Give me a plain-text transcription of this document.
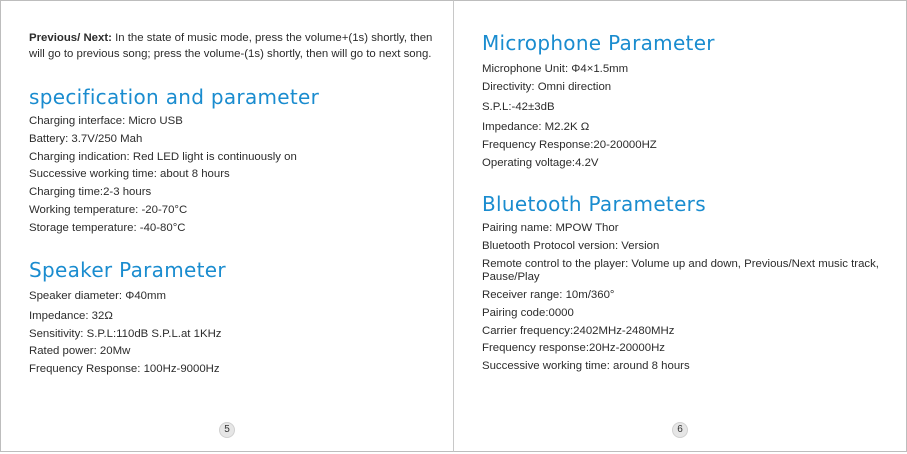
Previous/ Next: In the state of music mode, press the volume+(1s) shortly, then will go to previous song; press the volume-(1s) shortly, then will go to next song.

specification and parameter
Charging interface: Micro USB
Battery: 3.7V/250 Mah
Charging indication: Red LED light is continuously on
Successive working time: about 8 hours
Charging time:2-3 hours
Working temperature: -20-70°C
Storage temperature: -40-80°C
Speaker Parameter
Speaker diameter: Φ40mm
Impedance: 32Ω
Sensitivity: S.P.L:110dB S.P.L.at 1KHz
Rated power: 20Mw
Frequency Response: 100Hz-9000Hz
5
Microphone Parameter
Microphone Unit: Φ4×1.5mm
Directivity: Omni direction
S.P.L:-42±3dB
Impedance: M2.2K Ω
Frequency Response:20-20000HZ
Operating voltage:4.2V
Bluetooth Parameters
Pairing name: MPOW Thor
Bluetooth Protocol version: Version
Remote control to the player: Volume up and down, Previous/Next music track, Pause/Play
Receiver range: 10m/360°
Pairing code:0000
Carrier frequency:2402MHz-2480MHz
Frequency response:20Hz-20000Hz
Successive working time: around 8 hours
6
